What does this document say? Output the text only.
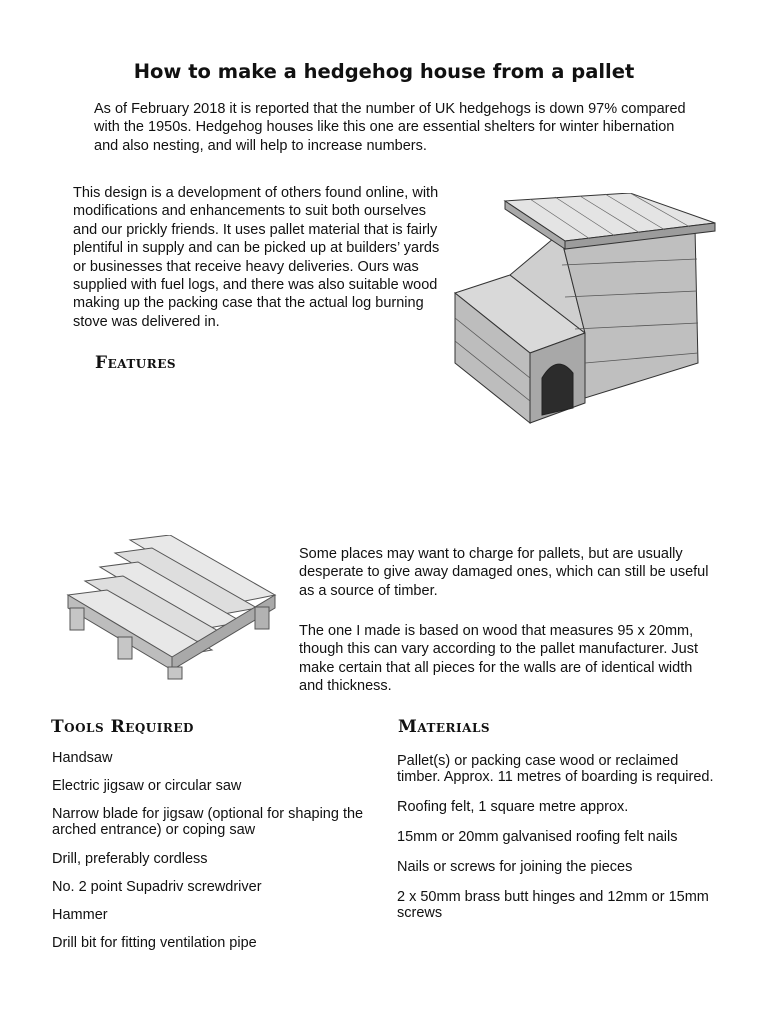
How to make a hedgehog house from a pallet

As of February 2018 it is reported that the number of UK hedgehogs is down 97% compared with the 1950s. Hedgehog houses like this one are essential shelters for winter hibernation and also nesting, and will help to increase numbers.

This design is a development of others found online, with modifications and enhancements to suit both ourselves and our prickly friends. It uses pallet material that is fairly plentiful in supply and can be picked up at builders’ yards or businesses that receive heavy deliveries. Ours was supplied with fuel logs, and there was also suitable wood making up the packing case that the actual log burning stove was delivered in.

Features

Some places may want to charge for pallets, but are usually desperate to give away damaged ones, which can still be useful as a source of timber.

The one I made is based on wood that measures 95 x 20mm, though this can vary according to the pallet manufacturer. Just make certain that all pieces for the walls are of identical width and thickness.

Tools Required
Handsaw
Electric jigsaw or circular saw
Narrow blade for jigsaw (optional for shaping the arched entrance) or coping saw
Drill, preferably cordless
No. 2 point Supadriv screwdriver
Hammer
Drill bit for fitting ventilation pipe
Materials
Pallet(s) or packing case wood or reclaimed timber. Approx. 11 metres of boarding is required.
Roofing felt, 1 square metre approx.
15mm or 20mm galvanised roofing felt nails
Nails or screws for joining the pieces
2 x 50mm brass butt hinges and 12mm or 15mm screws
